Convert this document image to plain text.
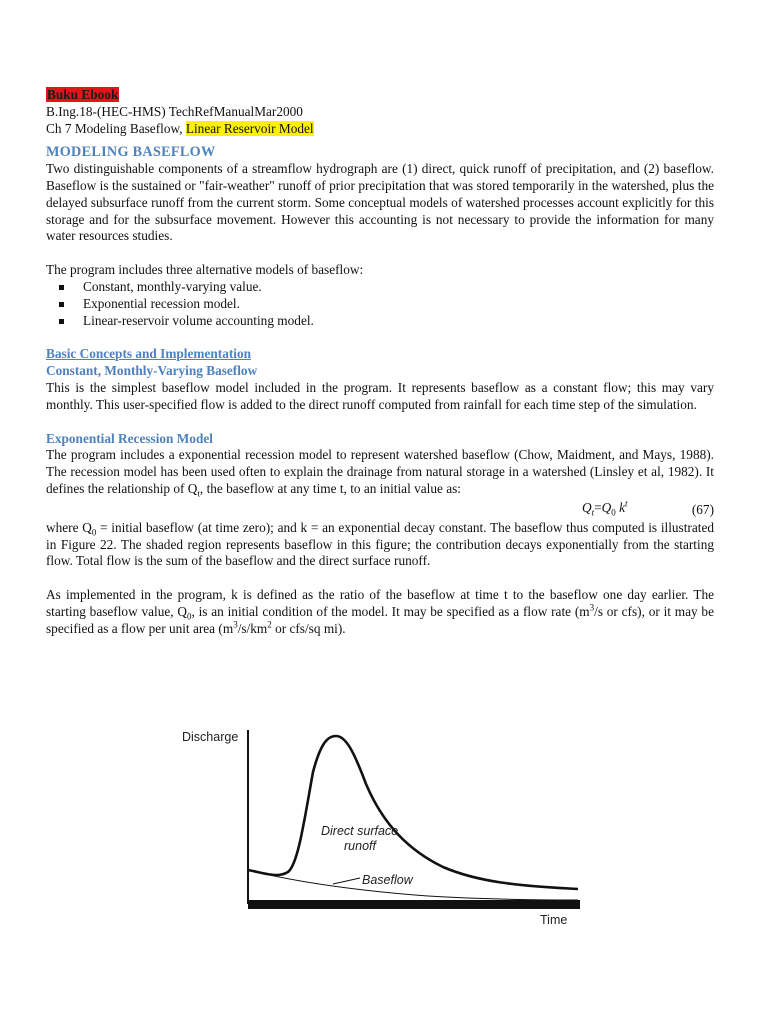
Buku Ebook
B.Ing.18-(HEC-HMS) TechRefManualMar2000
Ch 7 Modeling Baseflow, Linear Reservoir Model
MODELING BASEFLOW

Two distinguishable components of a streamflow hydrograph are (1) direct, quick runoff of precipitation, and (2) baseflow. Baseflow is the sustained or "fair-weather" runoff of prior precipitation that was stored temporarily in the watershed, plus the delayed subsurface runoff from the current storm. Some conceptual models of watershed processes account explicitly for this storage and for the subsurface movement. However this accounting is not necessary to provide the information for many water resources studies.

The program includes three alternative models of baseflow:

Constant, monthly-varying value.
Exponential recession model.
Linear-reservoir volume accounting model.
Basic Concepts and Implementation
Constant, Monthly-Varying Baseflow

This is the simplest baseflow model included in the program. It represents baseflow as a constant flow; this may vary monthly. This user-specified flow is added to the direct runoff computed from rainfall for each time step of the simulation.

Exponential Recession Model

The program includes a exponential recession model to represent watershed baseflow (Chow, Maidment, and Mays, 1988). The recession model has been used often to explain the drainage from natural storage in a watershed (Linsley et al, 1982). It defines the relationship of $Q_t$, the baseflow at any time t, to an initial value as:

$Q_t=Q_0$ $k^t$	(67)

where $Q_0$ = initial baseflow (at time zero); and k = an exponential decay constant. The baseflow thus computed is illustrated in Figure 22. The shaded region represents baseflow in this figure; the contribution decays exponentially from the starting flow. Total flow is the sum of the baseflow and the direct surface runoff.

As implemented in the program, k is defined as the ratio of the baseflow at time t to the baseflow one day earlier. The starting baseflow value, $Q_0$, is an initial condition of the model. It may be specified as a flow rate ($m^3/s$ or cfs), or it may be specified as a flow per unit area ($m^3/s/km^2$ or cfs/sq mi).

Discharge
Direct surface
runoff
Baseflow
Time
